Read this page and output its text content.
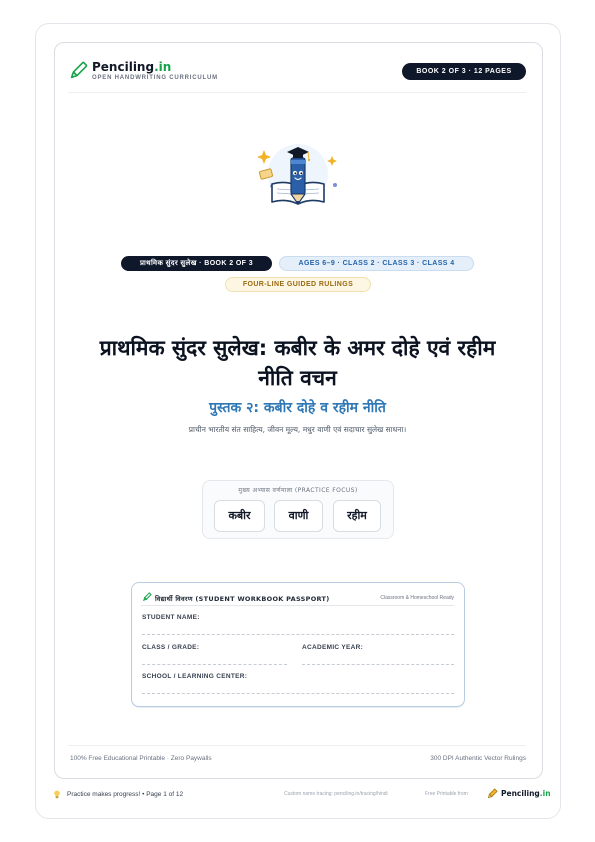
Penciling.in
OPEN HANDWRITING CURRICULUM
BOOK 2 OF 3 · 12 PAGES
प्राथमिक सुंदर सुलेख · BOOK 2 OF 3	AGES 6–9 · CLASS 2 · CLASS 3 · CLASS 4
FOUR-LINE GUIDED RULINGS
प्राथमिक सुंदर सुलेख: कबीर के अमर दोहे एवं रहीम
नीति वचन
पुस्तक २: कबीर दोहे व रहीम नीति
प्राचीन भारतीय संत साहित्य, जीवन मूल्य, मधुर वाणी एवं सदाचार सुलेख साधना।
मुख्य अभ्यास वर्णमाला (PRACTICE FOCUS)
कबीर	वाणी	रहीम
विद्यार्थी विवरण (STUDENT WORKBOOK PASSPORT)	Classroom & Homeschool Ready
STUDENT NAME:
CLASS / GRADE:	ACADEMIC YEAR:
SCHOOL / LEARNING CENTER:
100% Free Educational Printable · Zero Paywalls	300 DPI Authentic Vector Rulings
Practice makes progress! • Page 1 of 12	Custom name tracing: penciling.in/tracing/hindi	Free Printable from	Penciling.in
